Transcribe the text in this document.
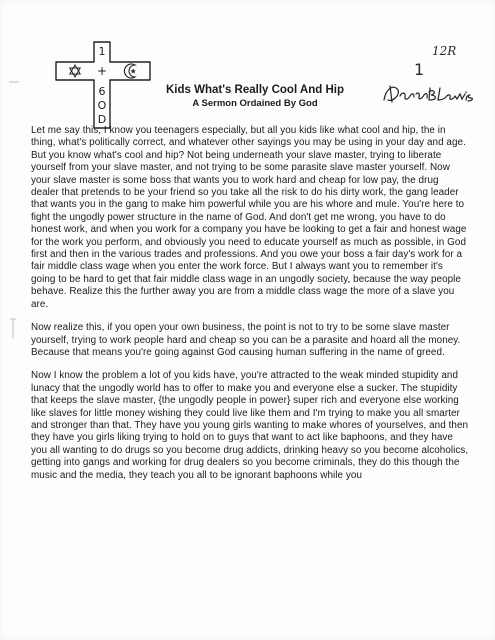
1
+
6
O
D
12R
1

Kids What's Really Cool And Hip

A Sermon Ordained By God

Let me say this, I know you teenagers especially, but all you kids like what cool and hip, the in thing, what's politically correct, and whatever other sayings you may be using in your day and age. But you know what's cool and hip? Not being underneath your slave master, trying to liberate yourself from your slave master, and not trying to be some parasite slave master yourself. Now your slave master is some boss that wants you to work hard and cheap for low pay, the drug dealer that pretends to be your friend so you take all the risk to do his dirty work, the gang leader that wants you in the gang to make him powerful while you are his whore and mule. You're here to fight the ungodly power structure in the name of God. And don't get me wrong, you have to do honest work, and when you work for a company you have be looking to get a fair and honest wage for the work you perform, and obviously you need to educate yourself as much as possible, in God first and then in the various trades and professions. And you owe your boss a fair day's work for a fair middle class wage when you enter the work force. But I always want you to remember it's going to be hard to get that fair middle class wage in an ungodly society, because the way people behave. Realize this the further away you are from a middle class wage the more of a slave you are.

Now realize this, if you open your own business, the point is not to try to be some slave master yourself, trying to work people hard and cheap so you can be a parasite and hoard all the money. Because that means you're going against God causing human suffering in the name of greed.

Now I know the problem a lot of you kids have, you're attracted to the weak minded stupidity and lunacy that the ungodly world has to offer to make you and everyone else a sucker. The stupidity that keeps the slave master, {the ungodly people in power} super rich and everyone else working like slaves for little money wishing they could live like them and I'm trying to make you all smarter and stronger than that. They have you young girls wanting to make whores of yourselves, and then they have you girls liking trying to hold on to guys that want to act like baphoons, and they have you all wanting to do drugs so you become drug addicts, drinking heavy so you become alcoholics, getting into gangs and working for drug dealers so you become criminals, they do this though the music and the media, they teach you all to be ignorant baphoons while you
